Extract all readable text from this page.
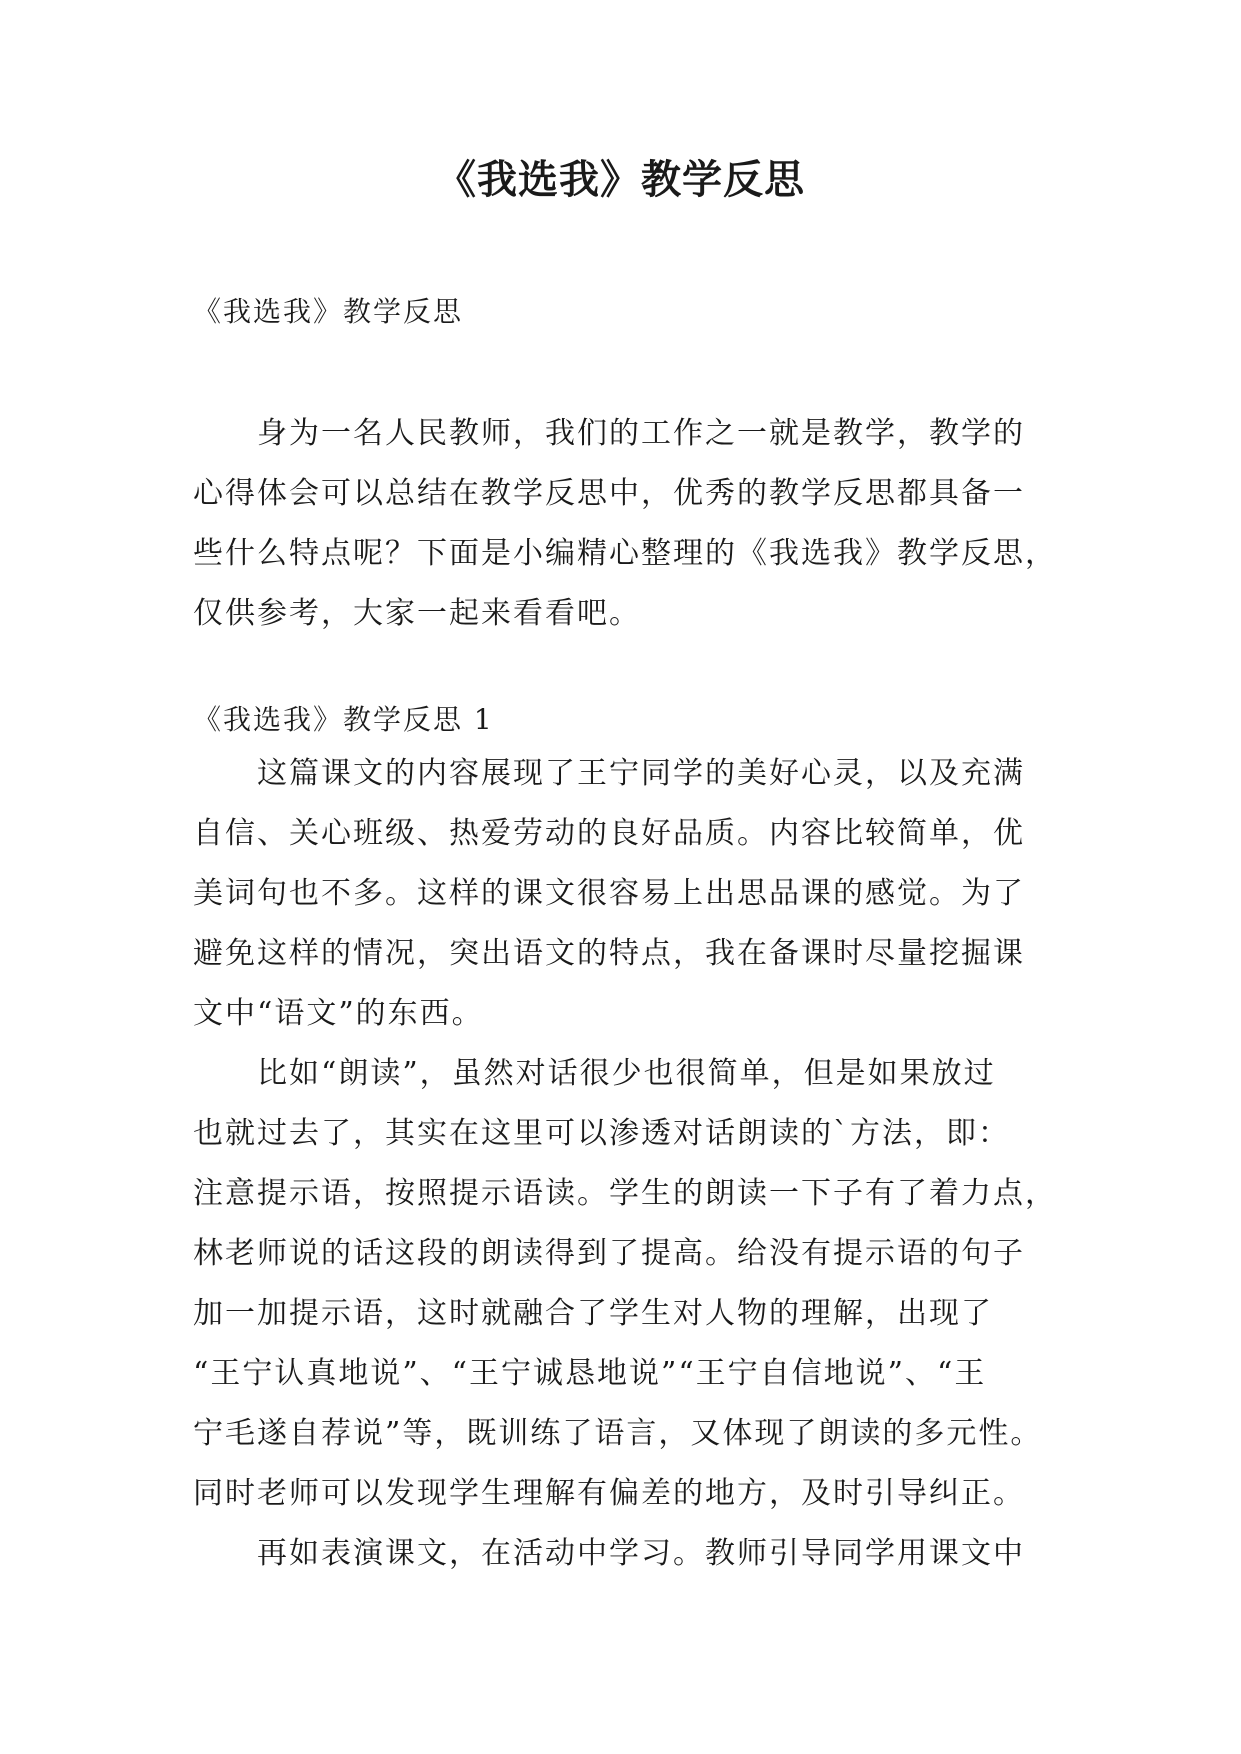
《我选我》教学反思

《我选我》教学反思

身为一名人民教师，我们的工作之一就是教学，教学的
心得体会可以总结在教学反思中，优秀的教学反思都具备一
些什么特点呢？下面是小编精心整理的《我选我》教学反思，
仅供参考，大家一起来看看吧。
《我选我》教学反思 1
这篇课文的内容展现了王宁同学的美好心灵，以及充满
自信、关心班级、热爱劳动的良好品质。内容比较简单，优
美词句也不多。这样的课文很容易上出思品课的感觉。为了
避免这样的情况，突出语文的特点，我在备课时尽量挖掘课
文中“语文”的东西。
比如“朗读”，虽然对话很少也很简单，但是如果放过
也就过去了，其实在这里可以渗透对话朗读的`方法，即：
注意提示语，按照提示语读。学生的朗读一下子有了着力点，
林老师说的话这段的朗读得到了提高。给没有提示语的句子
加一加提示语，这时就融合了学生对人物的理解，出现了
“王宁认真地说”、“王宁诚恳地说”“王宁自信地说”、“王
宁毛遂自荐说”等，既训练了语言，又体现了朗读的多元性。
同时老师可以发现学生理解有偏差的地方，及时引导纠正。
再如表演课文，在活动中学习。教师引导同学用课文中
